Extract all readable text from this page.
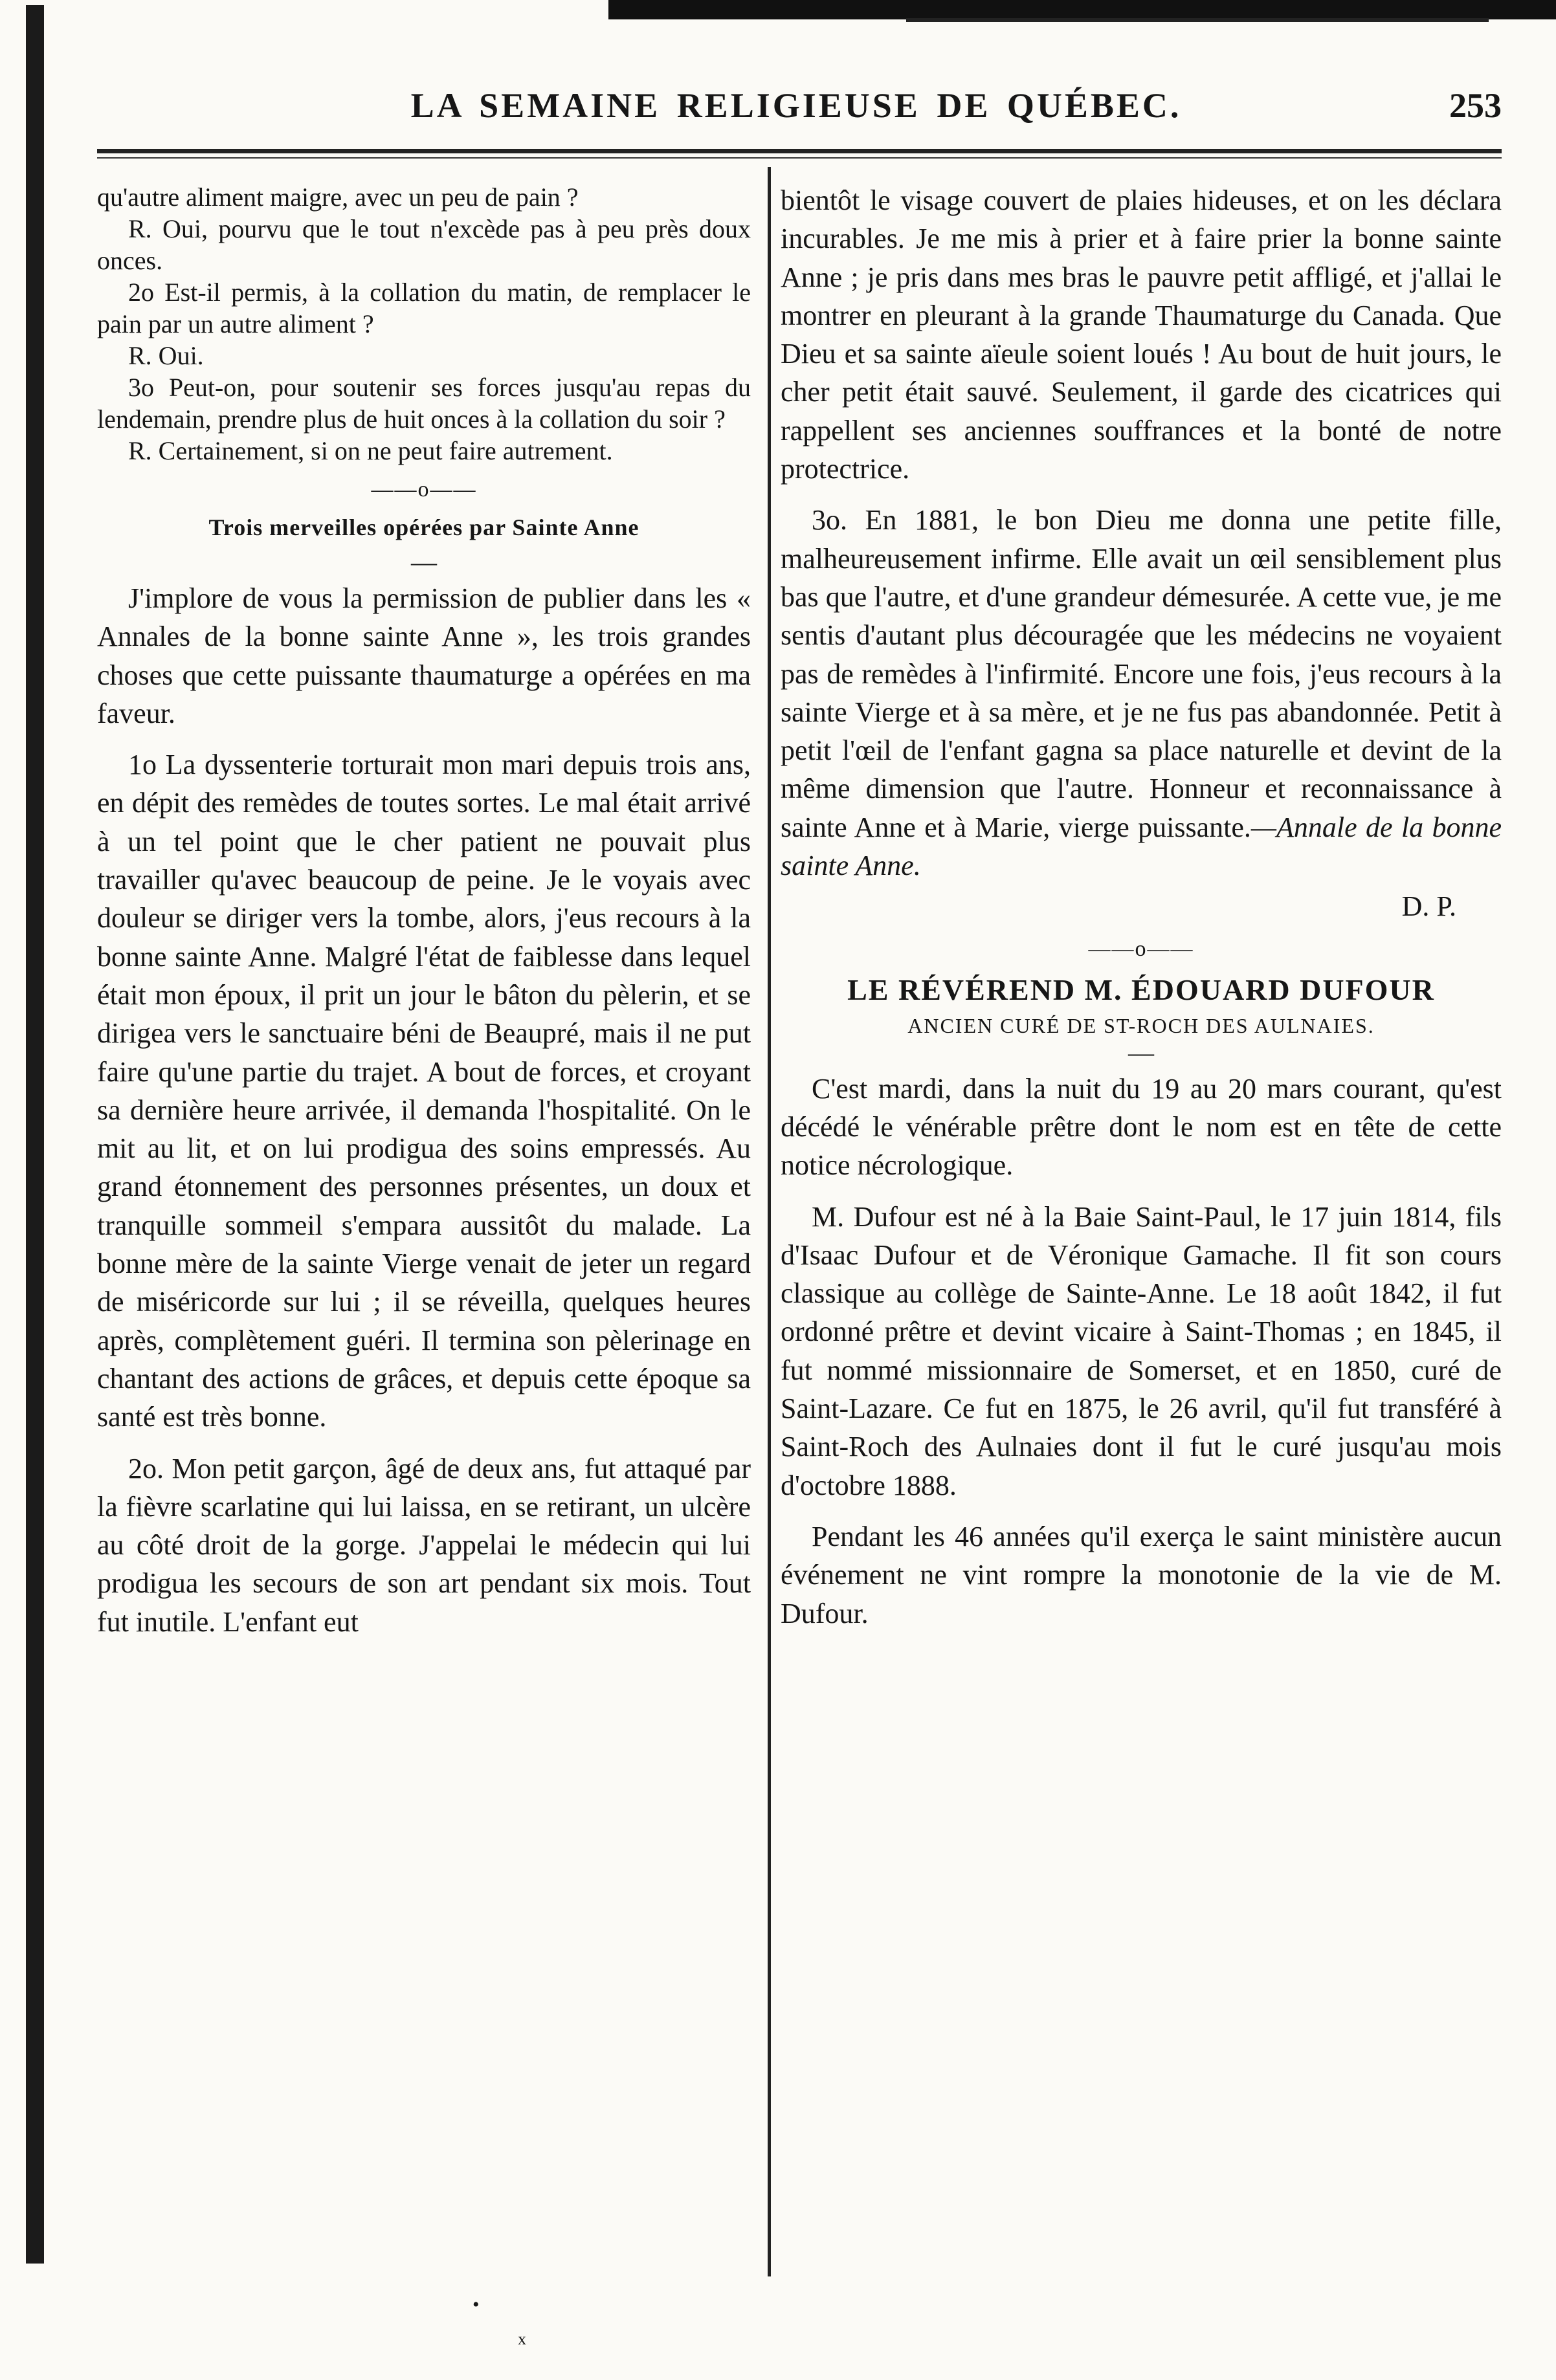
LA SEMAINE RELIGIEUSE DE QUÉBEC.	253

qu'autre aliment maigre, avec un peu de pain ?

R. Oui, pourvu que le tout n'excède pas à peu près doux onces.

2o Est-il permis, à la collation du matin, de remplacer le pain par un autre aliment ?

R. Oui.

3o Peut-on, pour soutenir ses forces jusqu'au repas du lendemain, prendre plus de huit onces à la collation du soir ?

R. Certainement, si on ne peut faire autrement.

——o——
Trois merveilles opérées par Sainte Anne
—

J'implore de vous la permission de publier dans les « Annales de la bonne sainte Anne », les trois grandes choses que cette puissante thaumaturge a opérées en ma faveur.

1o La dyssenterie torturait mon mari depuis trois ans, en dépit des remèdes de toutes sortes. Le mal était arrivé à un tel point que le cher patient ne pouvait plus travailler qu'avec beaucoup de peine. Je le voyais avec douleur se diriger vers la tombe, alors, j'eus recours à la bonne sainte Anne. Malgré l'état de faiblesse dans lequel était mon époux, il prit un jour le bâton du pèlerin, et se dirigea vers le sanctuaire béni de Beaupré, mais il ne put faire qu'une partie du trajet. A bout de forces, et croyant sa dernière heure arrivée, il demanda l'hospitalité. On le mit au lit, et on lui prodigua des soins empressés. Au grand étonnement des personnes présentes, un doux et tranquille sommeil s'empara aussitôt du malade. La bonne mère de la sainte Vierge venait de jeter un regard de miséricorde sur lui ; il se réveilla, quelques heures après, complètement guéri. Il termina son pèlerinage en chantant des actions de grâces, et depuis cette époque sa santé est très bonne.

2o. Mon petit garçon, âgé de deux ans, fut attaqué par la fièvre scarlatine qui lui laissa, en se retirant, un ulcère au côté droit de la gorge. J'appelai le médecin qui lui prodigua les secours de son art pendant six mois. Tout fut inutile. L'enfant eut

bientôt le visage couvert de plaies hideuses, et on les déclara incurables. Je me mis à prier et à faire prier la bonne sainte Anne ; je pris dans mes bras le pauvre petit affligé, et j'allai le montrer en pleurant à la grande Thaumaturge du Canada. Que Dieu et sa sainte aïeule soient loués ! Au bout de huit jours, le cher petit était sauvé. Seulement, il garde des cicatrices qui rappellent ses anciennes souffrances et la bonté de notre protectrice.

3o. En 1881, le bon Dieu me donna une petite fille, malheureusement infirme. Elle avait un œil sensiblement plus bas que l'autre, et d'une grandeur démesurée. A cette vue, je me sentis d'autant plus découragée que les médecins ne voyaient pas de remèdes à l'infirmité. Encore une fois, j'eus recours à la sainte Vierge et à sa mère, et je ne fus pas abandonnée. Petit à petit l'œil de l'enfant gagna sa place naturelle et devint de la même dimension que l'autre. Honneur et reconnaissance à sainte Anne et à Marie, vierge puissante.—Annale de la bonne sainte Anne.

D. P.
——o——
LE RÉVÉREND M. ÉDOUARD DUFOUR
ANCIEN CURÉ DE ST-ROCH DES AULNAIES.
—

C'est mardi, dans la nuit du 19 au 20 mars courant, qu'est décédé le vénérable prêtre dont le nom est en tête de cette notice nécrologique.

M. Dufour est né à la Baie Saint-Paul, le 17 juin 1814, fils d'Isaac Dufour et de Véronique Gamache. Il fit son cours classique au collège de Sainte-Anne. Le 18 août 1842, il fut ordonné prêtre et devint vicaire à Saint-Thomas ; en 1845, il fut nommé missionnaire de Somerset, et en 1850, curé de Saint-Lazare. Ce fut en 1875, le 26 avril, qu'il fut transféré à Saint-Roch des Aulnaies dont il fut le curé jusqu'au mois d'octobre 1888.

Pendant les 46 années qu'il exerça le saint ministère aucun événement ne vint rompre la monotonie de la vie de M. Dufour.

•
x
